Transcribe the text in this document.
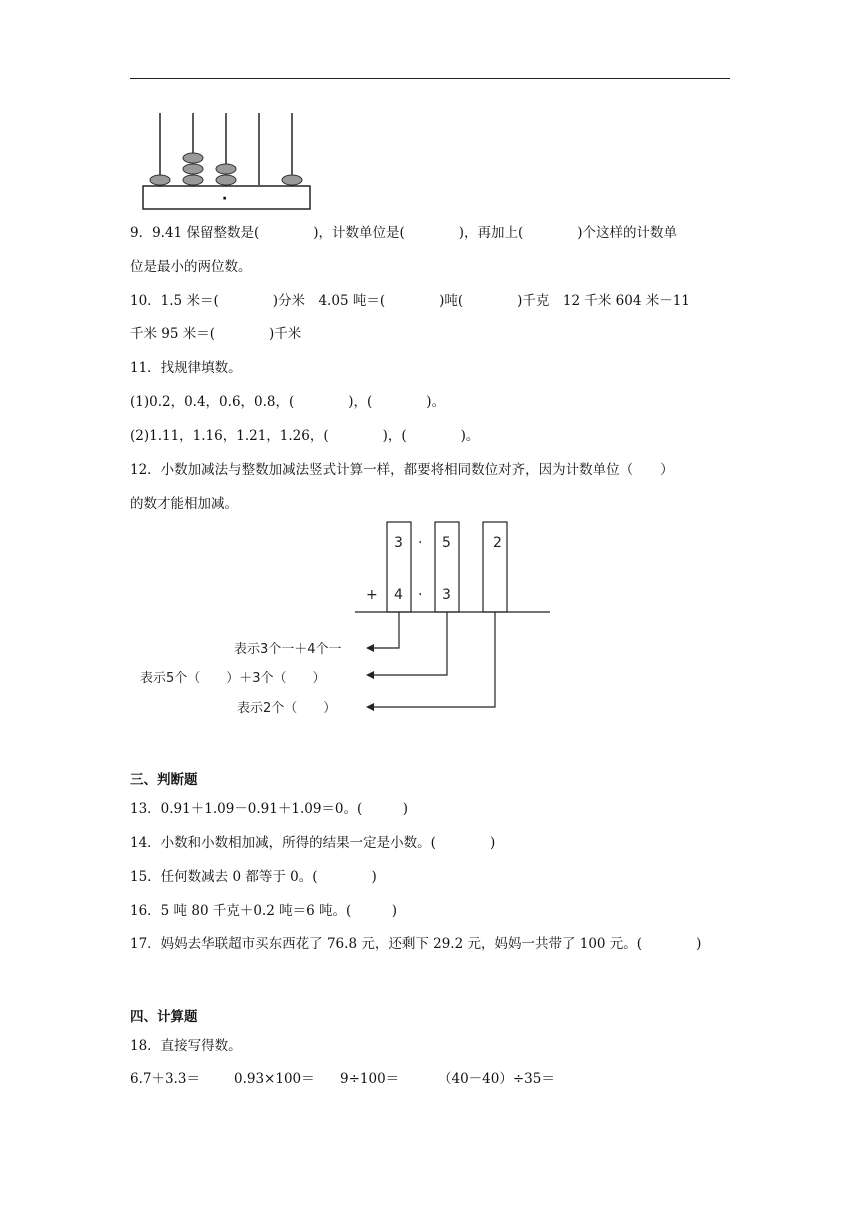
·
9．9.41 保留整数是(　　　　)，计数单位是(　　　　)，再加上(　　　　)个这样的计数单
位是最小的两位数。
10．1.5 米＝(　　　　)分米　4.05 吨＝(　　　　)吨(　　　　)千克　12 千米 604 米－11
千米 95 米＝(　　　　)千米
11．找规律填数。
(1)0.2，0.4，0.6，0.8，(　　　　)，(　　　　)。
(2)1.11，1.16，1.21，1.26，(　　　　)，(　　　　)。
12．小数加减法与整数加减法竖式计算一样，都要将相同数位对齐，因为计数单位（　　）
的数才能相加减。
3 · 5	2
+ 4 · 3
表示3个一＋4个一
表示5个（　　）＋3个（　　）
表示2个（　　）
三、判断题
13．0.91＋1.09－0.91＋1.09＝0。(　　　)
14．小数和小数相加减，所得的结果一定是小数。(　　　　)
15．任何数减去 0 都等于 0。(　　　　)
16．5 吨 80 千克＋0.2 吨＝6 吨。(　　　)
17．妈妈去华联超市买东西花了 76.8 元，还剩下 29.2 元，妈妈一共带了 100 元。(　　　　)
四、计算题
18．直接写得数。
6.7＋3.3＝	0.93×100＝ 9÷100＝	（40－40）÷35＝
